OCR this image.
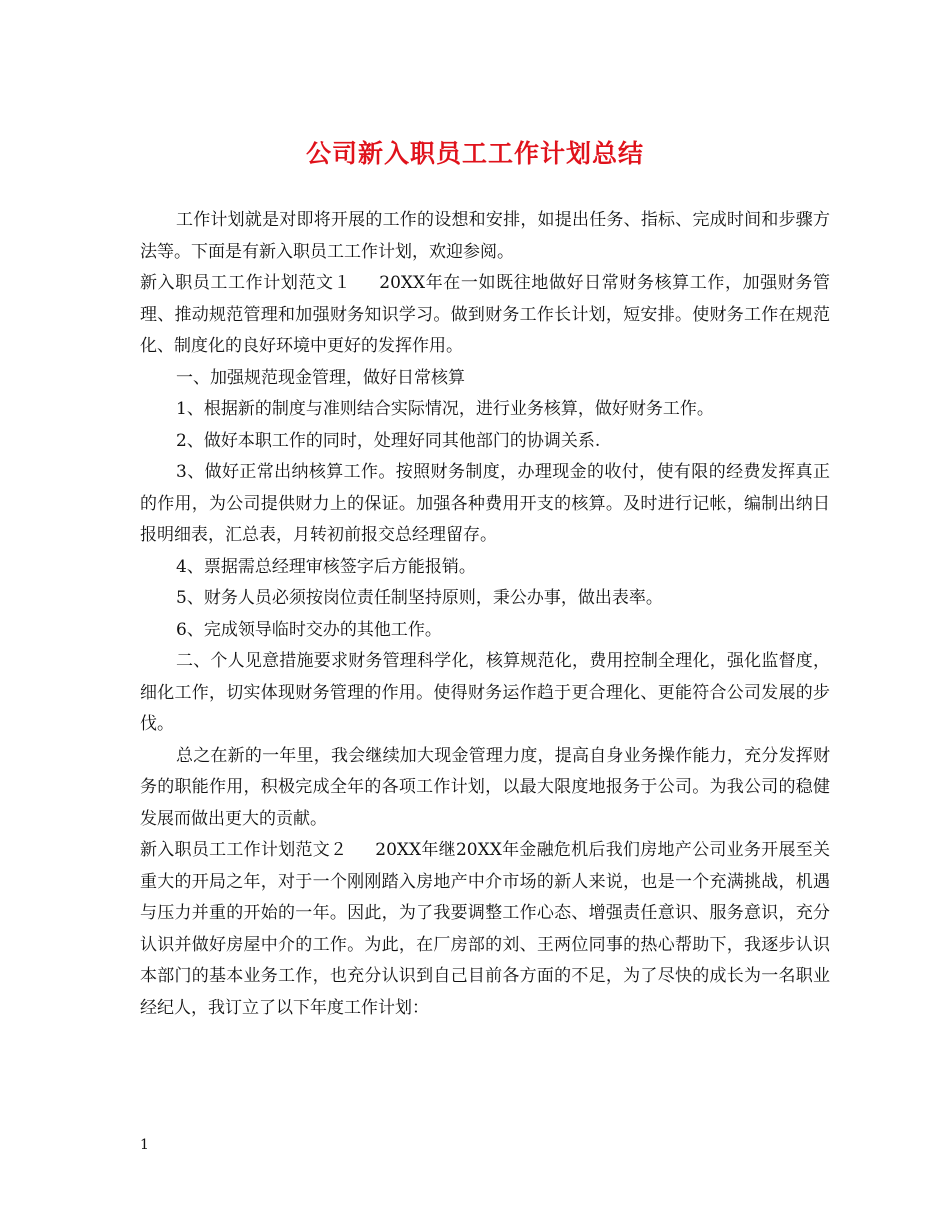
公司新入职员工工作计划总结

工作计划就是对即将开展的工作的设想和安排，如提出任务、指标、完成时间和步骤方法等。下面是有新入职员工工作计划，欢迎参阅。

新入职员工工作计划范文１ 20XX年在一如既往地做好日常财务核算工作，加强财务管理、推动规范管理和加强财务知识学习。做到财务工作长计划，短安排。使财务工作在规范化、制度化的良好环境中更好的发挥作用。

一、加强规范现金管理，做好日常核算

1、根据新的制度与准则结合实际情况，进行业务核算，做好财务工作。

2、做好本职工作的同时，处理好同其他部门的协调关系.

3、做好正常出纳核算工作。按照财务制度，办理现金的收付，使有限的经费发挥真正的作用，为公司提供财力上的保证。加强各种费用开支的核算。及时进行记帐，编制出纳日报明细表，汇总表，月转初前报交总经理留存。

4、票据需总经理审核签字后方能报销。

5、财务人员必须按岗位责任制坚持原则，秉公办事，做出表率。

6、完成领导临时交办的其他工作。

二、个人见意措施要求财务管理科学化，核算规范化，费用控制全理化，强化监督度，细化工作，切实体现财务管理的作用。使得财务运作趋于更合理化、更能符合公司发展的步伐。

总之在新的一年里，我会继续加大现金管理力度，提高自身业务操作能力，充分发挥财务的职能作用，积极完成全年的各项工作计划，以最大限度地报务于公司。为我公司的稳健发展而做出更大的贡献。

新入职员工工作计划范文２ 20XX年继20XX年金融危机后我们房地产公司业务开展至关重大的开局之年，对于一个刚刚踏入房地产中介市场的新人来说，也是一个充满挑战，机遇与压力并重的开始的一年。因此，为了我要调整工作心态、增强责任意识、服务意识，充分认识并做好房屋中介的工作。为此，在厂房部的刘、王两位同事的热心帮助下，我逐步认识本部门的基本业务工作，也充分认识到自己目前各方面的不足，为了尽快的成长为一名职业经纪人，我订立了以下年度工作计划：

1
